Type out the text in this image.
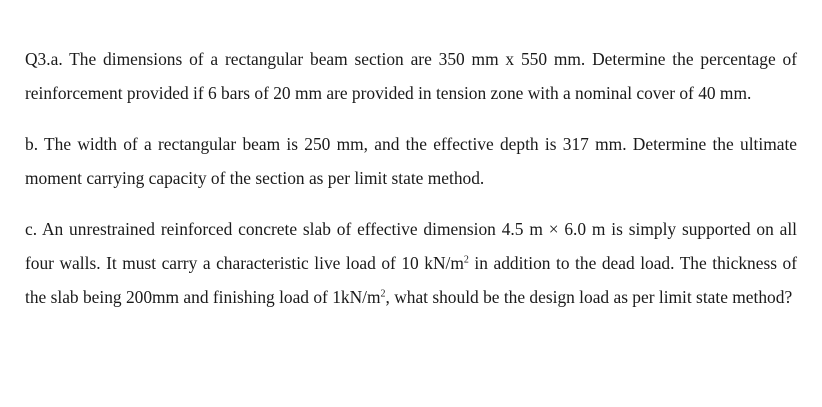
Q3.a. The dimensions of a rectangular beam section are 350 mm x 550 mm. Determine the percentage of reinforcement provided if 6 bars of 20 mm are provided in tension zone with a nominal cover of 40 mm.

b. The width of a rectangular beam is 250 mm, and the effective depth is 317 mm. Determine the ultimate moment carrying capacity of the section as per limit state method.

c. An unrestrained reinforced concrete slab of effective dimension 4.5 m × 6.0 m is simply supported on all four walls. It must carry a characteristic live load of 10 $kN/m^2$ in addition to the dead load. The thickness of the slab being 200mm and finishing load of $1kN/m^2$, what should be the design load as per limit state method?
